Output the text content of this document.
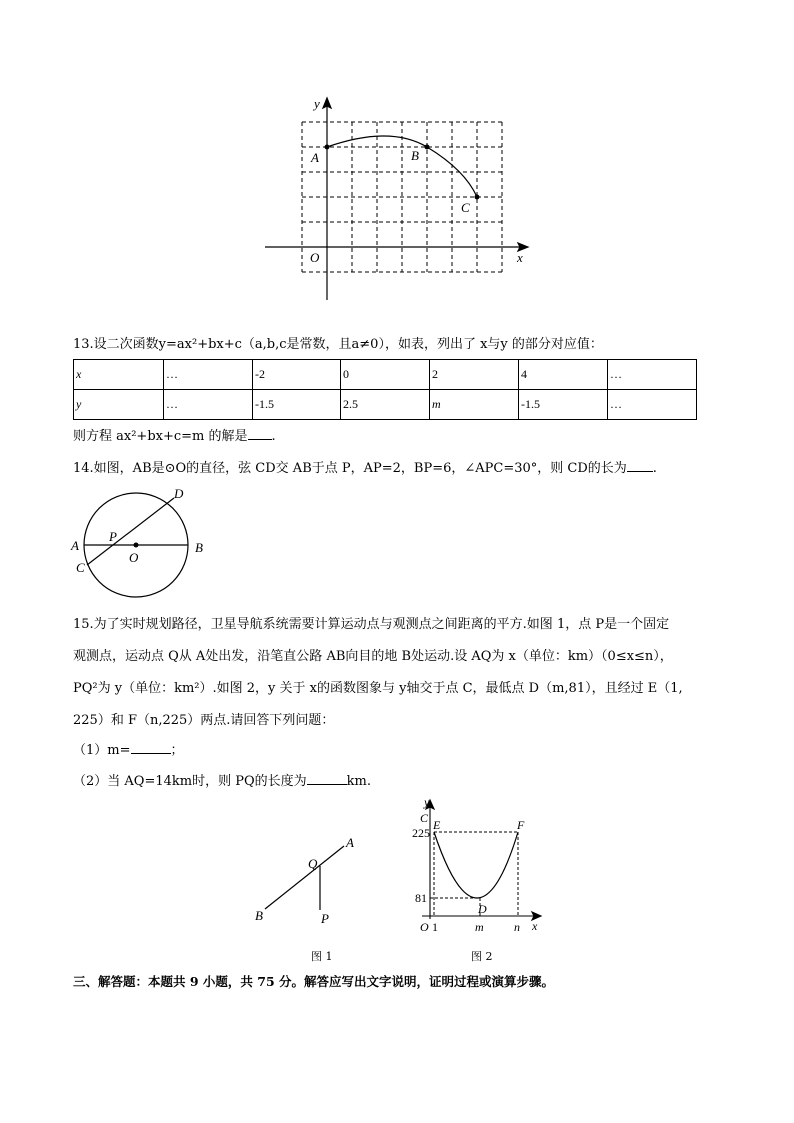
y
x
O
A	B
C
13.设二次函数y=ax²+bx+c（a,b,c是常数，且a≠0），如表，列出了 x与y 的部分对应值：
x	…	-2	0	2	4	…
y	…	-1.5	2.5	m	-1.5	…
则方程 ax²+bx+c=m 的解是 .
14.如图，AB是⊙O的直径，弦 CD交 AB于点 P，AP=2，BP=6，∠APC=30°，则 CD的长为 .
A	B
C
D
O
P
15.为了实时规划路径，卫星导航系统需要计算运动点与观测点之间距离的平方.如图 1，点 P是一个固定
观测点，运动点 Q从 A处出发，沿笔直公路 AB向目的地 B处运动.设 AQ为 x（单位：km）（0≤x≤n），
PQ²为 y（单位：km²）.如图 2，y 关于 x的函数图象与 y轴交于点 C，最低点 D（m,81），且经过 E（1,
225）和 F（n,225）两点.请回答下列问题：
（1）m=	；
（2）当 AQ=14km时，则 PQ的长度为	km.
A
B
Q
P
图 1
y
x
C E	F
D
O
225
81
1	m	n
图 2
三、解答题：本题共 9 小题，共 75 分。解答应写出文字说明，证明过程或演算步骤。
